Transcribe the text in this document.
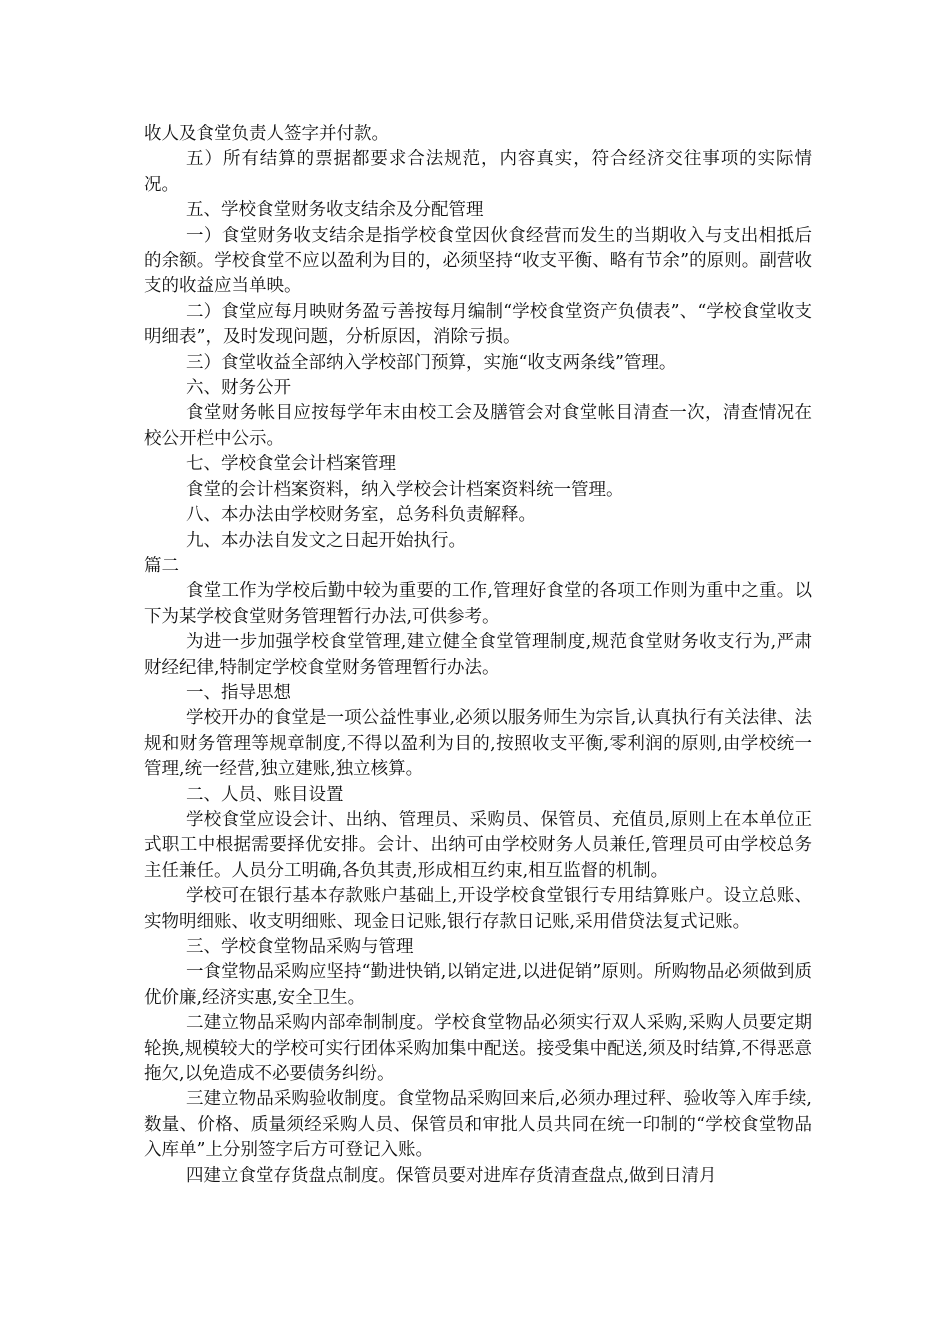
收人及食堂负责人签字并付款。

五）所有结算的票据都要求合法规范，内容真实，符合经济交往事项的实际情况。

五、学校食堂财务收支结余及分配管理

一）食堂财务收支结余是指学校食堂因伙食经营而发生的当期收入与支出相抵后的余额。学校食堂不应以盈利为目的，必须坚持“收支平衡、略有节余”的原则。副营收支的收益应当单映。

二）食堂应每月映财务盈亏善按每月编制“学校食堂资产负债表”、“学校食堂收支明细表”，及时发现问题，分析原因，消除亏损。

三）食堂收益全部纳入学校部门预算，实施“收支两条线”管理。

六、财务公开

食堂财务帐目应按每学年末由校工会及膳管会对食堂帐目清查一次，清查情况在校公开栏中公示。

七、学校食堂会计档案管理

食堂的会计档案资料，纳入学校会计档案资料统一管理。

八、本办法由学校财务室，总务科负责解释。

九、本办法自发文之日起开始执行。

篇二

食堂工作为学校后勤中较为重要的工作,管理好食堂的各项工作则为重中之重。以下为某学校食堂财务管理暂行办法,可供参考。

为进一步加强学校食堂管理,建立健全食堂管理制度,规范食堂财务收支行为,严肃财经纪律,特制定学校食堂财务管理暂行办法。

一、指导思想

学校开办的食堂是一项公益性事业,必须以服务师生为宗旨,认真执行有关法律、法规和财务管理等规章制度,不得以盈利为目的,按照收支平衡,零利润的原则,由学校统一管理,统一经营,独立建账,独立核算。

二、人员、账目设置

学校食堂应设会计、出纳、管理员、采购员、保管员、充值员,原则上在本单位正式职工中根据需要择优安排。会计、出纳可由学校财务人员兼任,管理员可由学校总务主任兼任。人员分工明确,各负其责,形成相互约束,相互监督的机制。

学校可在银行基本存款账户基础上,开设学校食堂银行专用结算账户。设立总账、实物明细账、收支明细账、现金日记账,银行存款日记账,采用借贷法复式记账。

三、学校食堂物品采购与管理

一食堂物品采购应坚持“勤进快销,以销定进,以进促销”原则。所购物品必须做到质优价廉,经济实惠,安全卫生。

二建立物品采购内部牵制制度。学校食堂物品必须实行双人采购,采购人员要定期轮换,规模较大的学校可实行团体采购加集中配送。接受集中配送,须及时结算,不得恶意拖欠,以免造成不必要债务纠纷。

三建立物品采购验收制度。食堂物品采购回来后,必须办理过秤、验收等入库手续,数量、价格、质量须经采购人员、保管员和审批人员共同在统一印制的“学校食堂物品入库单”上分别签字后方可登记入账。

四建立食堂存货盘点制度。保管员要对进库存货清查盘点,做到日清月
